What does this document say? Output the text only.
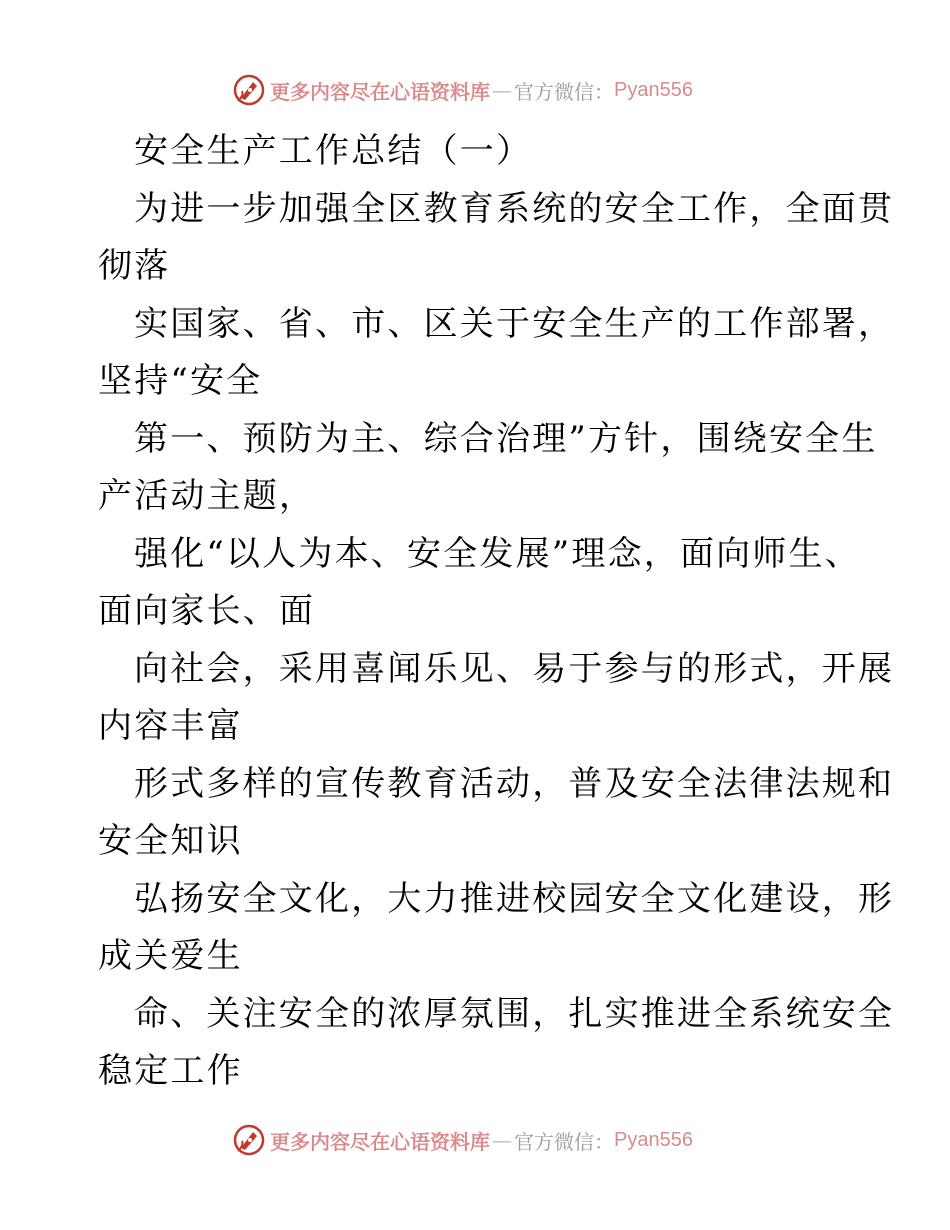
更多内容尽在心语资料库 — 官方微信： Pyan556
安全生产工作总结（一）
为进一步加强全区教育系统的安全工作，全面贯
彻落
实国家、省、市、区关于安全生产的工作部署，
坚持“安全
第一、预防为主、综合治理”方针，围绕安全生
产活动主题，
强化“以人为本、安全发展”理念，面向师生、
面向家长、面
向社会，采用喜闻乐见、易于参与的形式，开展
内容丰富
形式多样的宣传教育活动，普及安全法律法规和
安全知识
弘扬安全文化，大力推进校园安全文化建设，形
成关爱生
命、关注安全的浓厚氛围，扎实推进全系统安全
稳定工作
更多内容尽在心语资料库 — 官方微信： Pyan556
